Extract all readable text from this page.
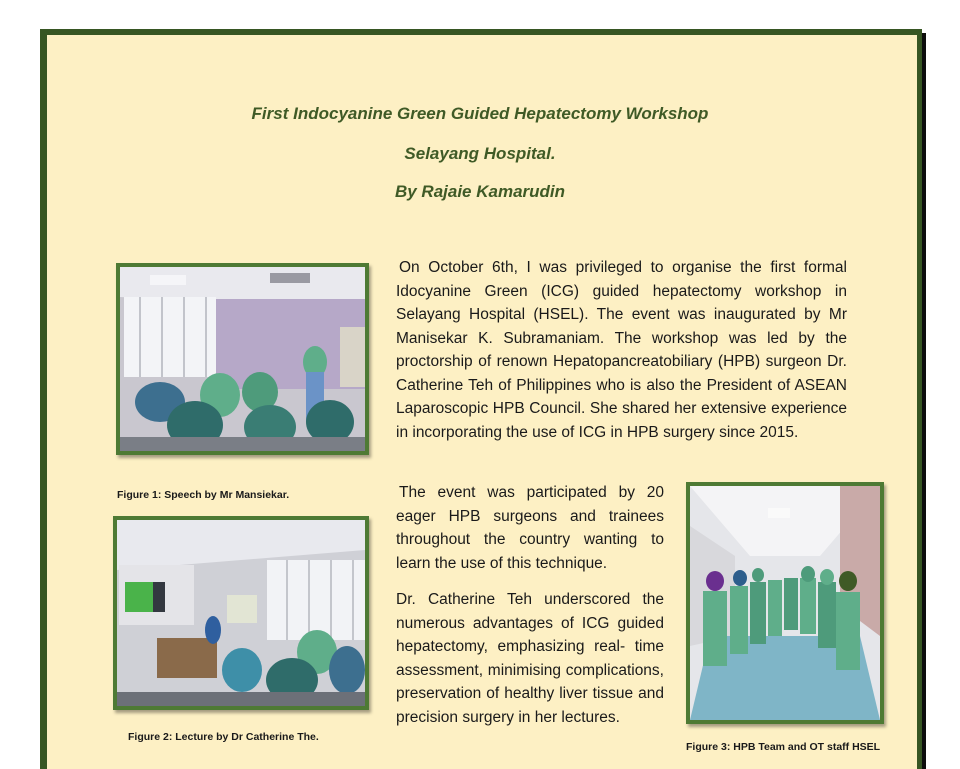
First Indocyanine Green Guided Hepatectomy Workshop
Selayang Hospital.
By Rajaie Kamarudin

On October 6th, I was privileged to organise the first formal Idocyanine Green (ICG) guided hepatectomy workshop in Selayang Hospital (HSEL). The event was inaugurated by Mr Manisekar K. Subramaniam. The workshop was led by the proctorship of renown Hepatopancreatobiliary (HPB) surgeon Dr. Catherine Teh of Philippines who is also the President of ASEAN Laparoscopic HPB Council. She shared her extensive experience in incorporating the use of ICG in HPB surgery since 2015.

The event was participated by 20 eager HPB surgeons and trainees throughout the country wanting to learn the use of this technique.

Dr. Catherine Teh underscored the numerous advantages of ICG guided hepatectomy, emphasizing real- time assessment, minimising complications, preservation of healthy liver tissue and precision surgery in her lectures.

Figure 1: Speech by Mr Mansiekar.

Figure 2: Lecture by Dr Catherine The.

Figure 3: HPB Team and OT staff HSEL
